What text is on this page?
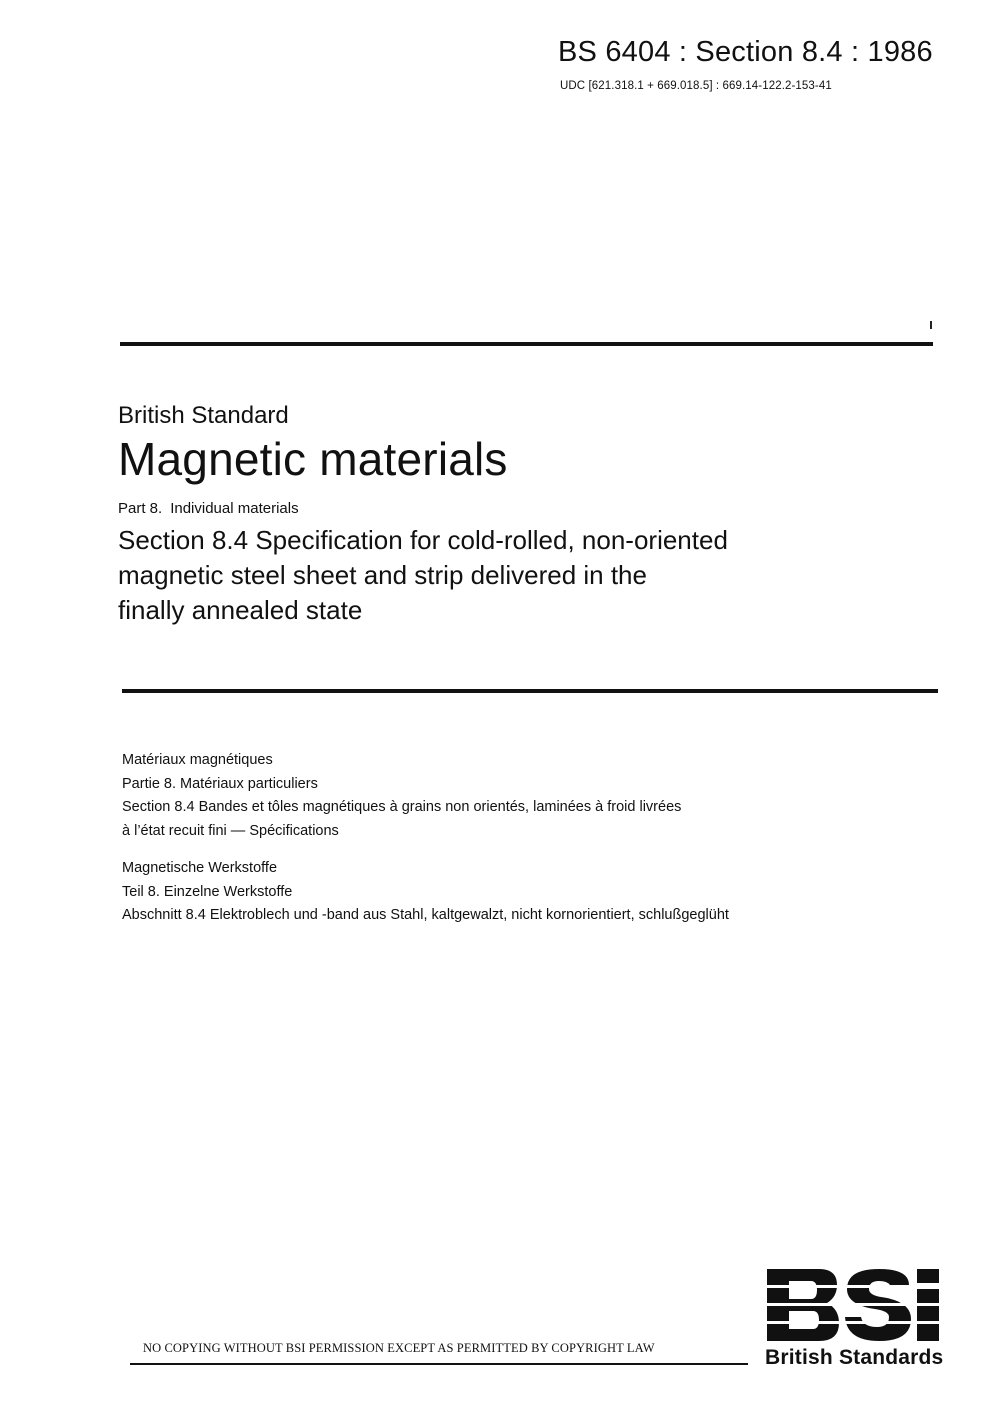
BS 6404 : Section 8.4 : 1986
UDC [621.318.1 + 669.018.5] : 669.14-122.2-153-41
British Standard
Magnetic materials
Part 8. Individual materials
Section 8.4 Specification for cold-rolled, non-oriented
magnetic steel sheet and strip delivered in the
finally annealed state
Matériaux magnétiques
Partie 8. Matériaux particuliers
Section 8.4 Bandes et tôles magnétiques à grains non orientés, laminées à froid livrées
à l’état recuit fini — Spécifications
Magnetische Werkstoffe
Teil 8. Einzelne Werkstoffe
Abschnitt 8.4 Elektroblech und -band aus Stahl, kaltgewalzt, nicht kornorientiert, schlußgeglüht
British Standards
NO COPYING WITHOUT BSI PERMISSION EXCEPT AS PERMITTED BY COPYRIGHT LAW
